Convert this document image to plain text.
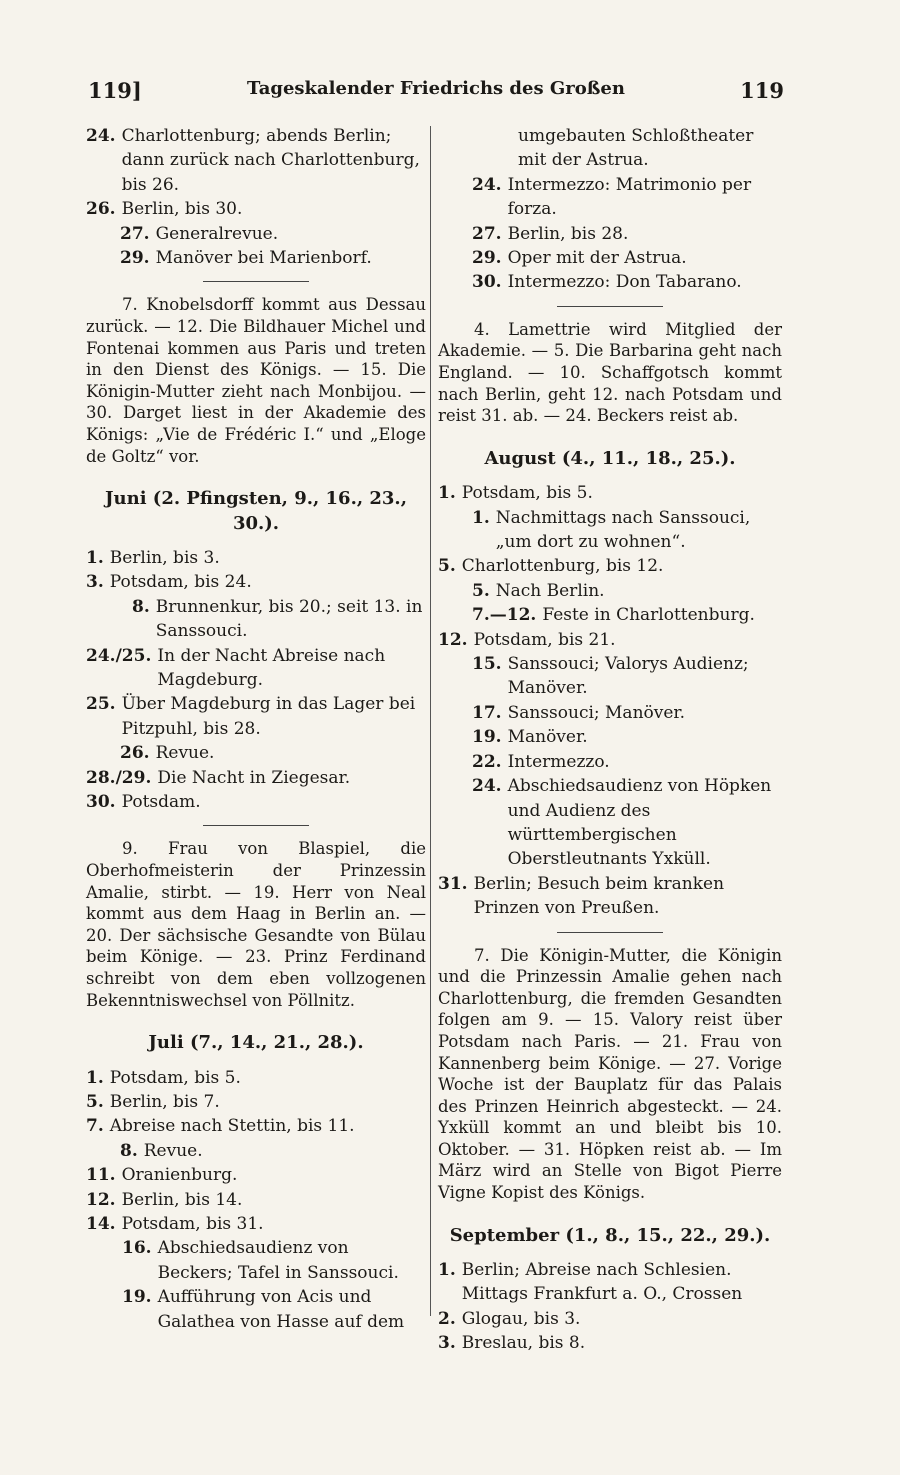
119]	Tageskalender Friedrichs des Großen	119
24. Charlottenburg; abends Berlin; dann zurück nach Charlottenburg, bis 26.
26. Berlin, bis 30.
27. Generalrevue.
29. Manöver bei Marienborf.
7. Knobelsdorff kommt aus Dessau zurück. — 12. Die Bildhauer Michel und Fontenai kommen aus Paris und treten in den Dienst des Königs. — 15. Die Königin-Mutter zieht nach Monbijou. — 30. Darget liest in der Akademie des Königs: „Vie de Frédéric I.“ und „Eloge de Goltz“ vor.
Juni (2. Pfingsten, 9., 16., 23., 30.).
1. Berlin, bis 3.
3. Potsdam, bis 24.
8. Brunnenkur, bis 20.; seit 13. in Sanssouci.
24./25. In der Nacht Abreise nach Magdeburg.
25. Über Magdeburg in das Lager bei Pitzpuhl, bis 28.
26. Revue.
28./29. Die Nacht in Ziegesar.
30. Potsdam.
9. Frau von Blaspiel, die Oberhofmeisterin der Prinzessin Amalie, stirbt. — 19. Herr von Neal kommt aus dem Haag in Berlin an. — 20. Der sächsische Gesandte von Bülau beim Könige. — 23. Prinz Ferdinand schreibt von dem eben vollzogenen Bekenntniswechsel von Pöllnitz.
Juli (7., 14., 21., 28.).
1. Potsdam, bis 5.
5. Berlin, bis 7.
7. Abreise nach Stettin, bis 11.
8. Revue.
11. Oranienburg.
12. Berlin, bis 14.
14. Potsdam, bis 31.
16. Abschiedsaudienz von Beckers; Tafel in Sanssouci.
19. Aufführung von Acis und Galathea von Hasse auf dem
umgebauten Schloßtheater mit der Astrua.
24. Intermezzo: Matrimonio per forza.
27. Berlin, bis 28.
29. Oper mit der Astrua.
30. Intermezzo: Don Tabarano.
4. Lamettrie wird Mitglied der Akademie. — 5. Die Barbarina geht nach England. — 10. Schaffgotsch kommt nach Berlin, geht 12. nach Potsdam und reist 31. ab. — 24. Beckers reist ab.
August (4., 11., 18., 25.).
1. Potsdam, bis 5.
1. Nachmittags nach Sanssouci, „um dort zu wohnen“.
5. Charlottenburg, bis 12.
5. Nach Berlin.
7.—12. Feste in Charlottenburg.
12. Potsdam, bis 21.
15. Sanssouci; Valorys Audienz; Manöver.
17. Sanssouci; Manöver.
19. Manöver.
22. Intermezzo.
24. Abschiedsaudienz von Höpken und Audienz des württembergischen Oberstleutnants Yxküll.
31. Berlin; Besuch beim kranken Prinzen von Preußen.
7. Die Königin-Mutter, die Königin und die Prinzessin Amalie gehen nach Charlottenburg, die fremden Gesandten folgen am 9. — 15. Valory reist über Potsdam nach Paris. — 21. Frau von Kannenberg beim Könige. — 27. Vorige Woche ist der Bauplatz für das Palais des Prinzen Heinrich abgesteckt. — 24. Yxküll kommt an und bleibt bis 10. Oktober. — 31. Höpken reist ab. — Im März wird an Stelle von Bigot Pierre Vigne Kopist des Königs.
September (1., 8., 15., 22., 29.).
1. Berlin; Abreise nach Schlesien. Mittags Frankfurt a. O., Crossen
2. Glogau, bis 3.
3. Breslau, bis 8.
